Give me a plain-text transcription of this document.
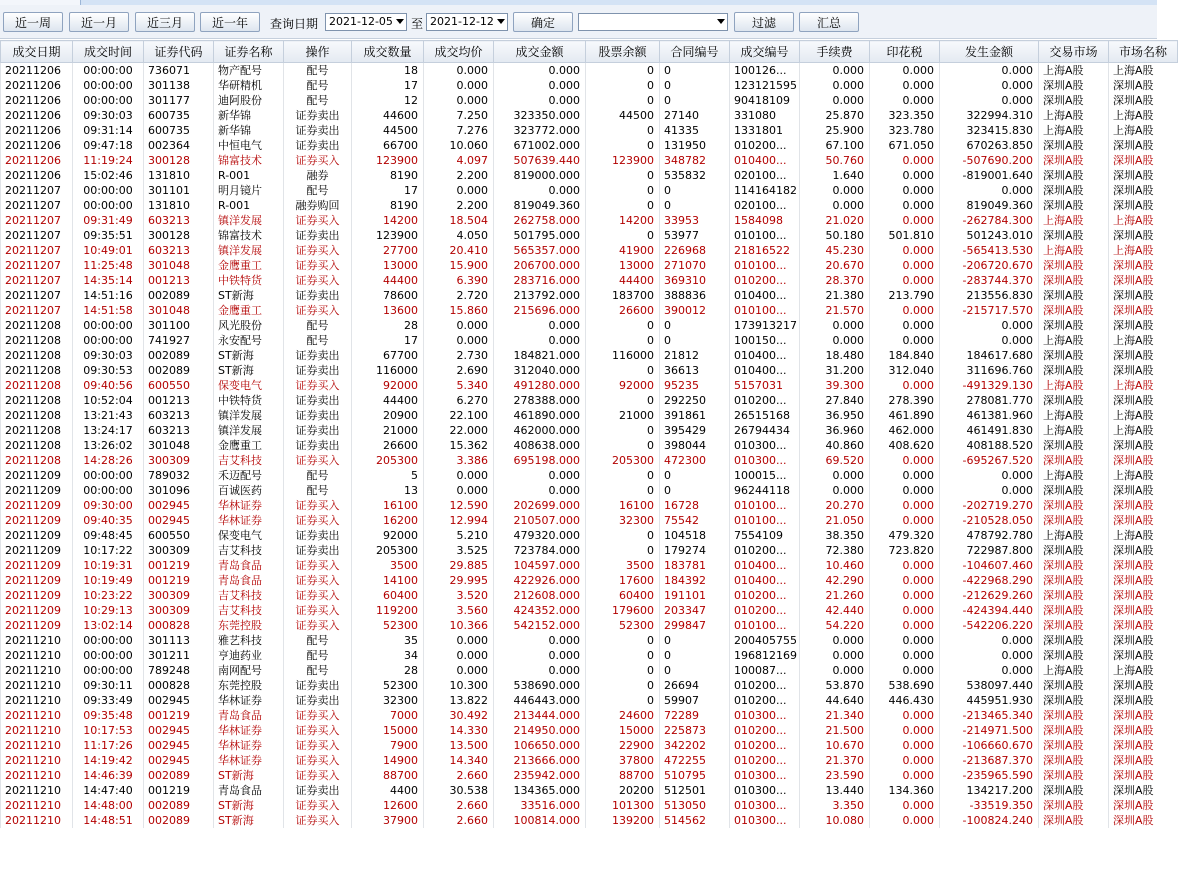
近一周	近一月	近三月	近一年	查询日期 2021-12-05	至 2021-12-12	确定	过滤	汇总
成交日期	成交时间	证券代码	证券名称	操作	成交数量	成交均价	成交金额	股票余额	合同编号	成交编号	手续费	印花税	发生金额	交易市场	市场名称
20211206	00:00:00	736071	物产配号	配号	18	0.000	0.000	0	0	100126...	0.000	0.000	0.000	上海A股	上海A股
20211206	00:00:00	301138	华研精机	配号	17	0.000	0.000	0	0	123121595	0.000	0.000	0.000	深圳A股	深圳A股
20211206	00:00:00	301177	迪阿股份	配号	12	0.000	0.000	0	0	90418109	0.000	0.000	0.000	深圳A股	深圳A股
20211206	09:30:03	600735	新华锦	证券卖出	44600	7.250	323350.000	44500	27140	331080	25.870	323.350	322994.310	上海A股	上海A股
20211206	09:31:14	600735	新华锦	证券卖出	44500	7.276	323772.000	0	41335	1331801	25.900	323.780	323415.830	上海A股	上海A股
20211206	09:47:18	002364	中恒电气	证券卖出	66700	10.060	671002.000	0	131950	010200...	67.100	671.050	670263.850	深圳A股	深圳A股
20211206	11:19:24	300128	锦富技术	证券买入	123900	4.097	507639.440	123900	348782	010400...	50.760	0.000	-507690.200	深圳A股	深圳A股
20211206	15:02:46	131810	R-001	融券	8190	2.200	819000.000	0	535832	020100...	1.640	0.000	-819001.640	深圳A股	深圳A股
20211207	00:00:00	301101	明月镜片	配号	17	0.000	0.000	0	0	114164182	0.000	0.000	0.000	深圳A股	深圳A股
20211207	00:00:00	131810	R-001	融券购回	8190	2.200	819049.360	0	0	020100...	0.000	0.000	819049.360	深圳A股	深圳A股
20211207	09:31:49	603213	镇洋发展	证券买入	14200	18.504	262758.000	14200	33953	1584098	21.020	0.000	-262784.300	上海A股	上海A股
20211207	09:35:51	300128	锦富技术	证券卖出	123900	4.050	501795.000	0	53977	010100...	50.180	501.810	501243.010	深圳A股	深圳A股
20211207	10:49:01	603213	镇洋发展	证券买入	27700	20.410	565357.000	41900	226968	21816522	45.230	0.000	-565413.530	上海A股	上海A股
20211207	11:25:48	301048	金鹰重工	证券买入	13000	15.900	206700.000	13000	271070	010100...	20.670	0.000	-206720.670	深圳A股	深圳A股
20211207	14:35:14	001213	中铁特货	证券买入	44400	6.390	283716.000	44400	369310	010200...	28.370	0.000	-283744.370	深圳A股	深圳A股
20211207	14:51:16	002089	ST新海	证券卖出	78600	2.720	213792.000	183700	388836	010400...	21.380	213.790	213556.830	深圳A股	深圳A股
20211207	14:51:58	301048	金鹰重工	证券买入	13600	15.860	215696.000	26600	390012	010100...	21.570	0.000	-215717.570	深圳A股	深圳A股
20211208	00:00:00	301100	风光股份	配号	28	0.000	0.000	0	0	173913217	0.000	0.000	0.000	深圳A股	深圳A股
20211208	00:00:00	741927	永安配号	配号	17	0.000	0.000	0	0	100150...	0.000	0.000	0.000	上海A股	上海A股
20211208	09:30:03	002089	ST新海	证券卖出	67700	2.730	184821.000	116000	21812	010400...	18.480	184.840	184617.680	深圳A股	深圳A股
20211208	09:30:53	002089	ST新海	证券卖出	116000	2.690	312040.000	0	36613	010400...	31.200	312.040	311696.760	深圳A股	深圳A股
20211208	09:40:56	600550	保变电气	证券买入	92000	5.340	491280.000	92000	95235	5157031	39.300	0.000	-491329.130	上海A股	上海A股
20211208	10:52:04	001213	中铁特货	证券卖出	44400	6.270	278388.000	0	292250	010200...	27.840	278.390	278081.770	深圳A股	深圳A股
20211208	13:21:43	603213	镇洋发展	证券卖出	20900	22.100	461890.000	21000	391861	26515168	36.950	461.890	461381.960	上海A股	上海A股
20211208	13:24:17	603213	镇洋发展	证券卖出	21000	22.000	462000.000	0	395429	26794434	36.960	462.000	461491.830	上海A股	上海A股
20211208	13:26:02	301048	金鹰重工	证券卖出	26600	15.362	408638.000	0	398044	010300...	40.860	408.620	408188.520	深圳A股	深圳A股
20211208	14:28:26	300309	吉艾科技	证券买入	205300	3.386	695198.000	205300	472300	010300...	69.520	0.000	-695267.520	深圳A股	深圳A股
20211209	00:00:00	789032	禾迈配号	配号	5	0.000	0.000	0	0	100015...	0.000	0.000	0.000	上海A股	上海A股
20211209	00:00:00	301096	百诚医药	配号	13	0.000	0.000	0	0	96244118	0.000	0.000	0.000	深圳A股	深圳A股
20211209	09:30:00	002945	华林证券	证券买入	16100	12.590	202699.000	16100	16728	010100...	20.270	0.000	-202719.270	深圳A股	深圳A股
20211209	09:40:35	002945	华林证券	证券买入	16200	12.994	210507.000	32300	75542	010100...	21.050	0.000	-210528.050	深圳A股	深圳A股
20211209	09:48:45	600550	保变电气	证券卖出	92000	5.210	479320.000	0	104518	7554109	38.350	479.320	478792.780	上海A股	上海A股
20211209	10:17:22	300309	吉艾科技	证券卖出	205300	3.525	723784.000	0	179274	010200...	72.380	723.820	722987.800	深圳A股	深圳A股
20211209	10:19:31	001219	青岛食品	证券买入	3500	29.885	104597.000	3500	183781	010400...	10.460	0.000	-104607.460	深圳A股	深圳A股
20211209	10:19:49	001219	青岛食品	证券买入	14100	29.995	422926.000	17600	184392	010400...	42.290	0.000	-422968.290	深圳A股	深圳A股
20211209	10:23:22	300309	吉艾科技	证券买入	60400	3.520	212608.000	60400	191101	010200...	21.260	0.000	-212629.260	深圳A股	深圳A股
20211209	10:29:13	300309	吉艾科技	证券买入	119200	3.560	424352.000	179600	203347	010200...	42.440	0.000	-424394.440	深圳A股	深圳A股
20211209	13:02:14	000828	东莞控股	证券买入	52300	10.366	542152.000	52300	299847	010100...	54.220	0.000	-542206.220	深圳A股	深圳A股
20211210	00:00:00	301113	雅艺科技	配号	35	0.000	0.000	0	0	200405755	0.000	0.000	0.000	深圳A股	深圳A股
20211210	00:00:00	301211	亨迪药业	配号	34	0.000	0.000	0	0	196812169	0.000	0.000	0.000	深圳A股	深圳A股
20211210	00:00:00	789248	南网配号	配号	28	0.000	0.000	0	0	100087...	0.000	0.000	0.000	上海A股	上海A股
20211210	09:30:11	000828	东莞控股	证券卖出	52300	10.300	538690.000	0	26694	010200...	53.870	538.690	538097.440	深圳A股	深圳A股
20211210	09:33:49	002945	华林证券	证券卖出	32300	13.822	446443.000	0	59907	010200...	44.640	446.430	445951.930	深圳A股	深圳A股
20211210	09:35:48	001219	青岛食品	证券买入	7000	30.492	213444.000	24600	72289	010300...	21.340	0.000	-213465.340	深圳A股	深圳A股
20211210	10:17:53	002945	华林证券	证券买入	15000	14.330	214950.000	15000	225873	010200...	21.500	0.000	-214971.500	深圳A股	深圳A股
20211210	11:17:26	002945	华林证券	证券买入	7900	13.500	106650.000	22900	342202	010200...	10.670	0.000	-106660.670	深圳A股	深圳A股
20211210	14:19:42	002945	华林证券	证券买入	14900	14.340	213666.000	37800	472255	010200...	21.370	0.000	-213687.370	深圳A股	深圳A股
20211210	14:46:39	002089	ST新海	证券买入	88700	2.660	235942.000	88700	510795	010300...	23.590	0.000	-235965.590	深圳A股	深圳A股
20211210	14:47:40	001219	青岛食品	证券卖出	4400	30.538	134365.000	20200	512501	010300...	13.440	134.360	134217.200	深圳A股	深圳A股
20211210	14:48:00	002089	ST新海	证券买入	12600	2.660	33516.000	101300	513050	010300...	3.350	0.000	-33519.350	深圳A股	深圳A股
20211210	14:48:51	002089	ST新海	证券买入	37900	2.660	100814.000	139200	514562	010300...	10.080	0.000	-100824.240	深圳A股	深圳A股
